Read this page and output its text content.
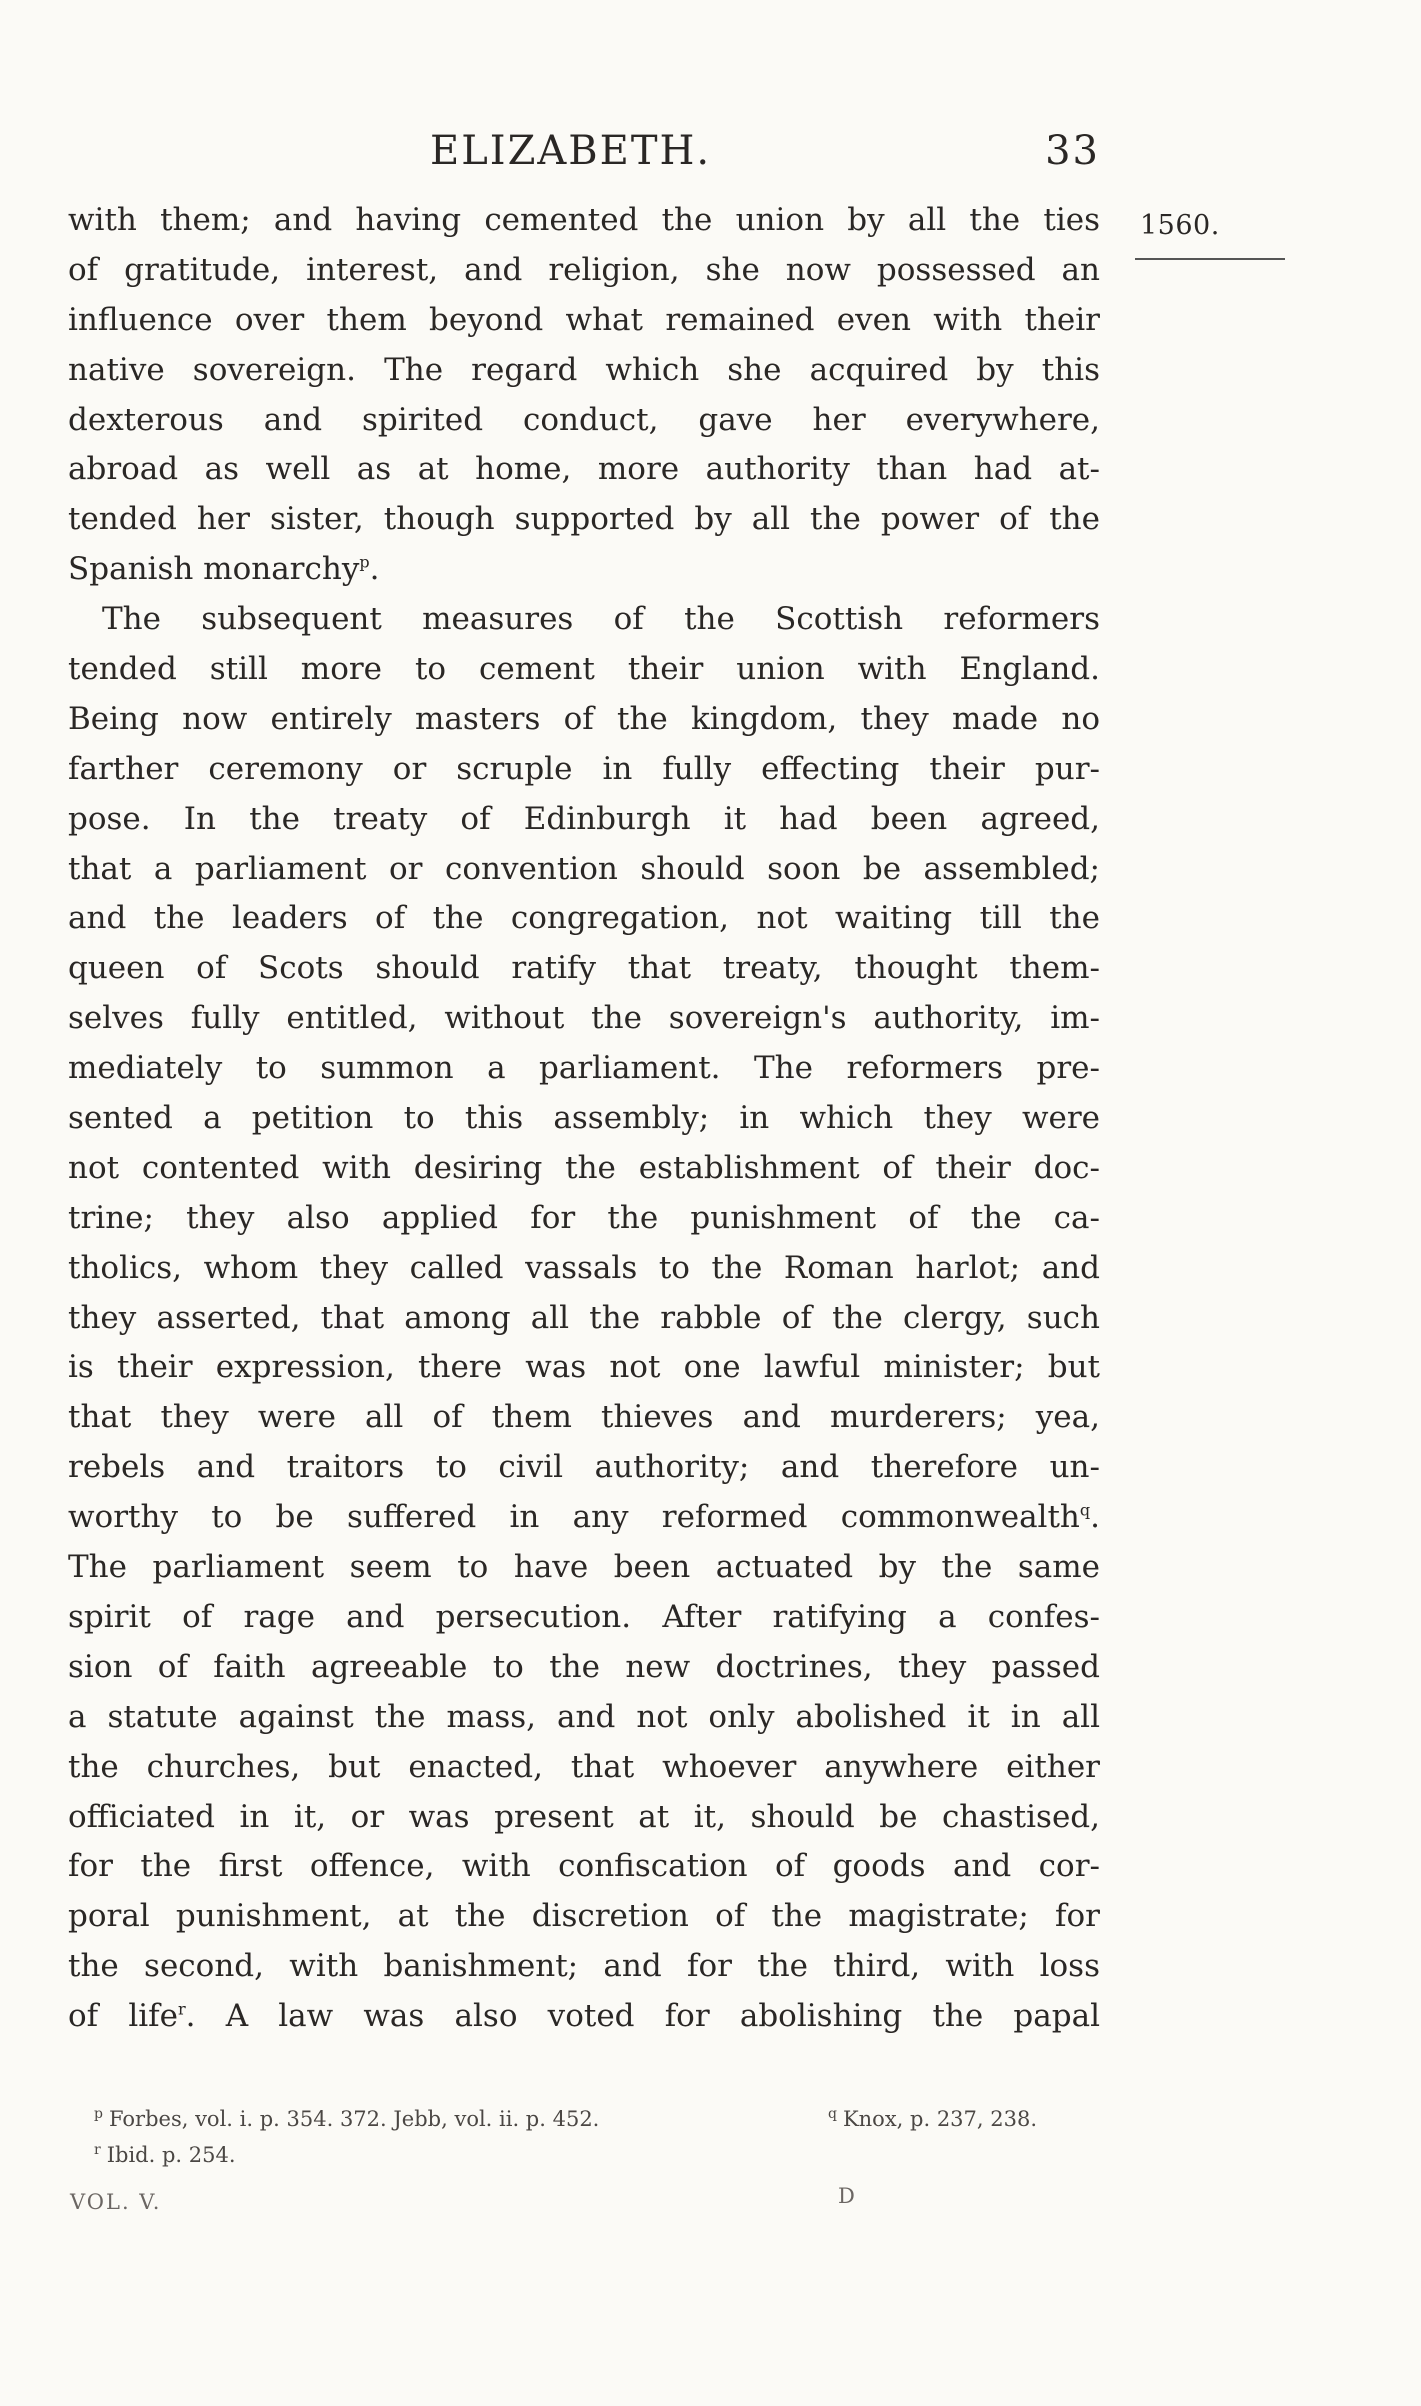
ELIZABETH.	33
1560.
with them; and having cemented the union by all the ties
of gratitude, interest, and religion, she now possessed an
influence over them beyond what remained even with their
native sovereign. The regard which she acquired by this
dexterous and spirited conduct, gave her everywhere,
abroad as well as at home, more authority than had at-
tended her sister, though supported by all the power of the
Spanish monarchy$^p$.
The subsequent measures of the Scottish reformers
tended still more to cement their union with England.
Being now entirely masters of the kingdom, they made no
farther ceremony or scruple in fully effecting their pur-
pose. In the treaty of Edinburgh it had been agreed,
that a parliament or convention should soon be assembled;
and the leaders of the congregation, not waiting till the
queen of Scots should ratify that treaty, thought them-
selves fully entitled, without the sovereign's authority, im-
mediately to summon a parliament. The reformers pre-
sented a petition to this assembly; in which they were
not contented with desiring the establishment of their doc-
trine; they also applied for the punishment of the ca-
tholics, whom they called vassals to the Roman harlot; and
they asserted, that among all the rabble of the clergy, such
is their expression, there was not one lawful minister; but
that they were all of them thieves and murderers; yea,
rebels and traitors to civil authority; and therefore un-
worthy to be suffered in any reformed commonwealth$^q$.
The parliament seem to have been actuated by the same
spirit of rage and persecution. After ratifying a confes-
sion of faith agreeable to the new doctrines, they passed
a statute against the mass, and not only abolished it in all
the churches, but enacted, that whoever anywhere either
officiated in it, or was present at it, should be chastised,
for the first offence, with confiscation of goods and cor-
poral punishment, at the discretion of the magistrate; for
the second, with banishment; and for the third, with loss
of life$^r$. A law was also voted for abolishing the papal
$^p$ Forbes, vol. i. p. 354. 372. Jebb, vol. ii. p. 452.	$^q$ Knox, p. 237, 238.
$^r$ Ibid. p. 254.
VOL. V.	D
